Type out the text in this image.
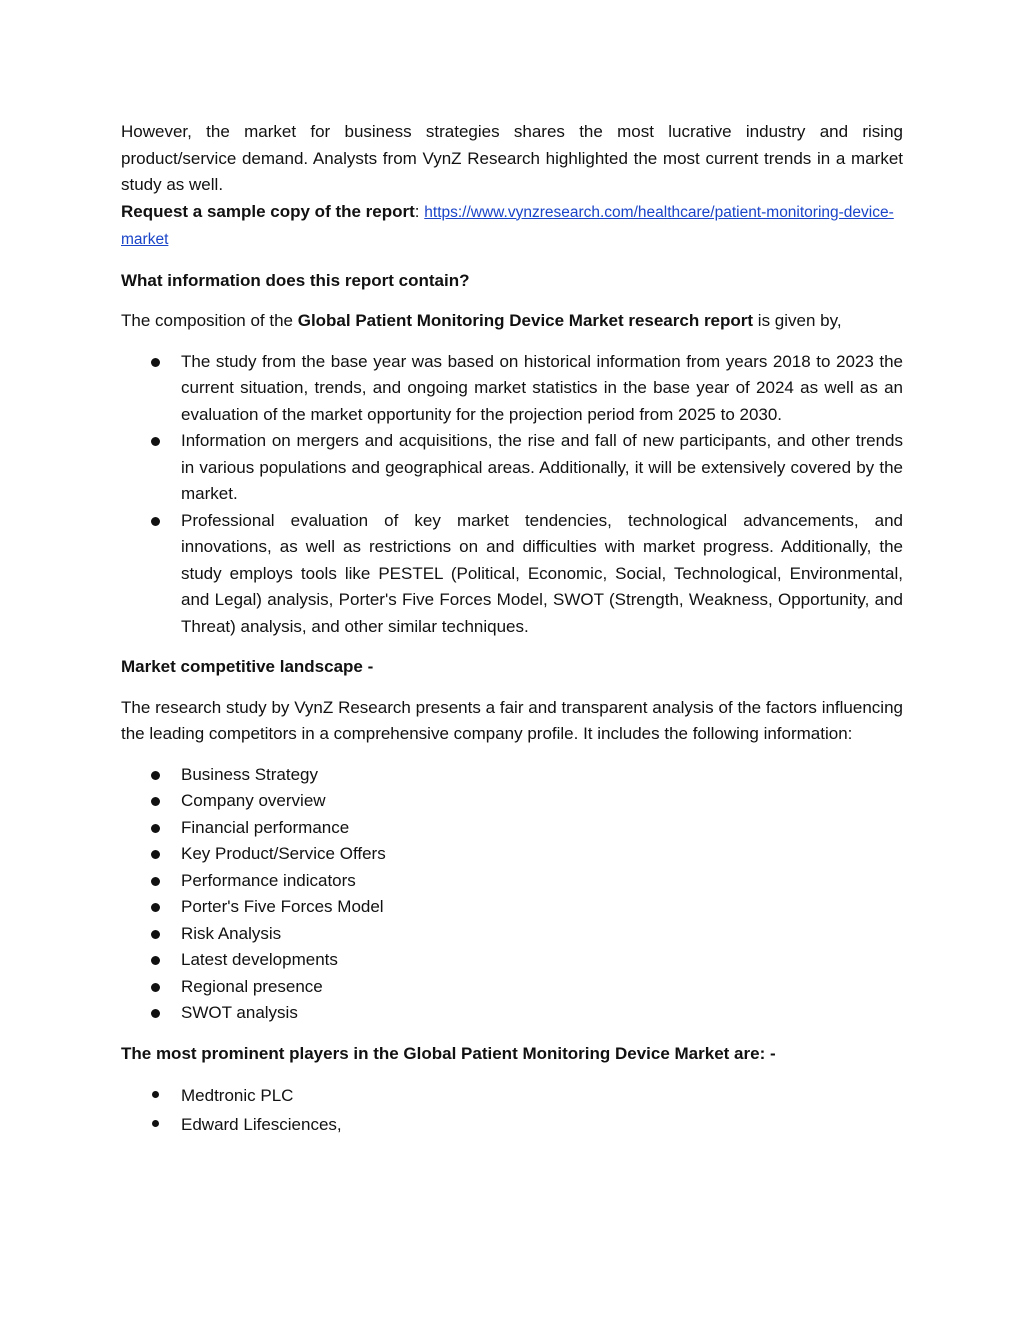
However, the market for business strategies shares the most lucrative industry and rising product/service demand. Analysts from VynZ Research highlighted the most current trends in a market study as well.

Request a sample copy of the report: https://www.vynzresearch.com/healthcare/patient-monitoring-device-market

What information does this report contain?

The composition of the Global Patient Monitoring Device Market research report is given by,

The study from the base year was based on historical information from years 2018 to 2023 the current situation, trends, and ongoing market statistics in the base year of 2024 as well as an evaluation of the market opportunity for the projection period from 2025 to 2030.
Information on mergers and acquisitions, the rise and fall of new participants, and other trends in various populations and geographical areas. Additionally, it will be extensively covered by the market.
Professional evaluation of key market tendencies, technological advancements, and innovations, as well as restrictions on and difficulties with market progress. Additionally, the study employs tools like PESTEL (Political, Economic, Social, Technological, Environmental, and Legal) analysis, Porter's Five Forces Model, SWOT (Strength, Weakness, Opportunity, and Threat) analysis, and other similar techniques.

Market competitive landscape -

The research study by VynZ Research presents a fair and transparent analysis of the factors influencing the leading competitors in a comprehensive company profile. It includes the following information:

Business Strategy
Company overview
Financial performance
Key Product/Service Offers
Performance indicators
Porter's Five Forces Model
Risk Analysis
Latest developments
Regional presence
SWOT analysis

The most prominent players in the Global Patient Monitoring Device Market are: -

Medtronic PLC
Edward Lifesciences,
